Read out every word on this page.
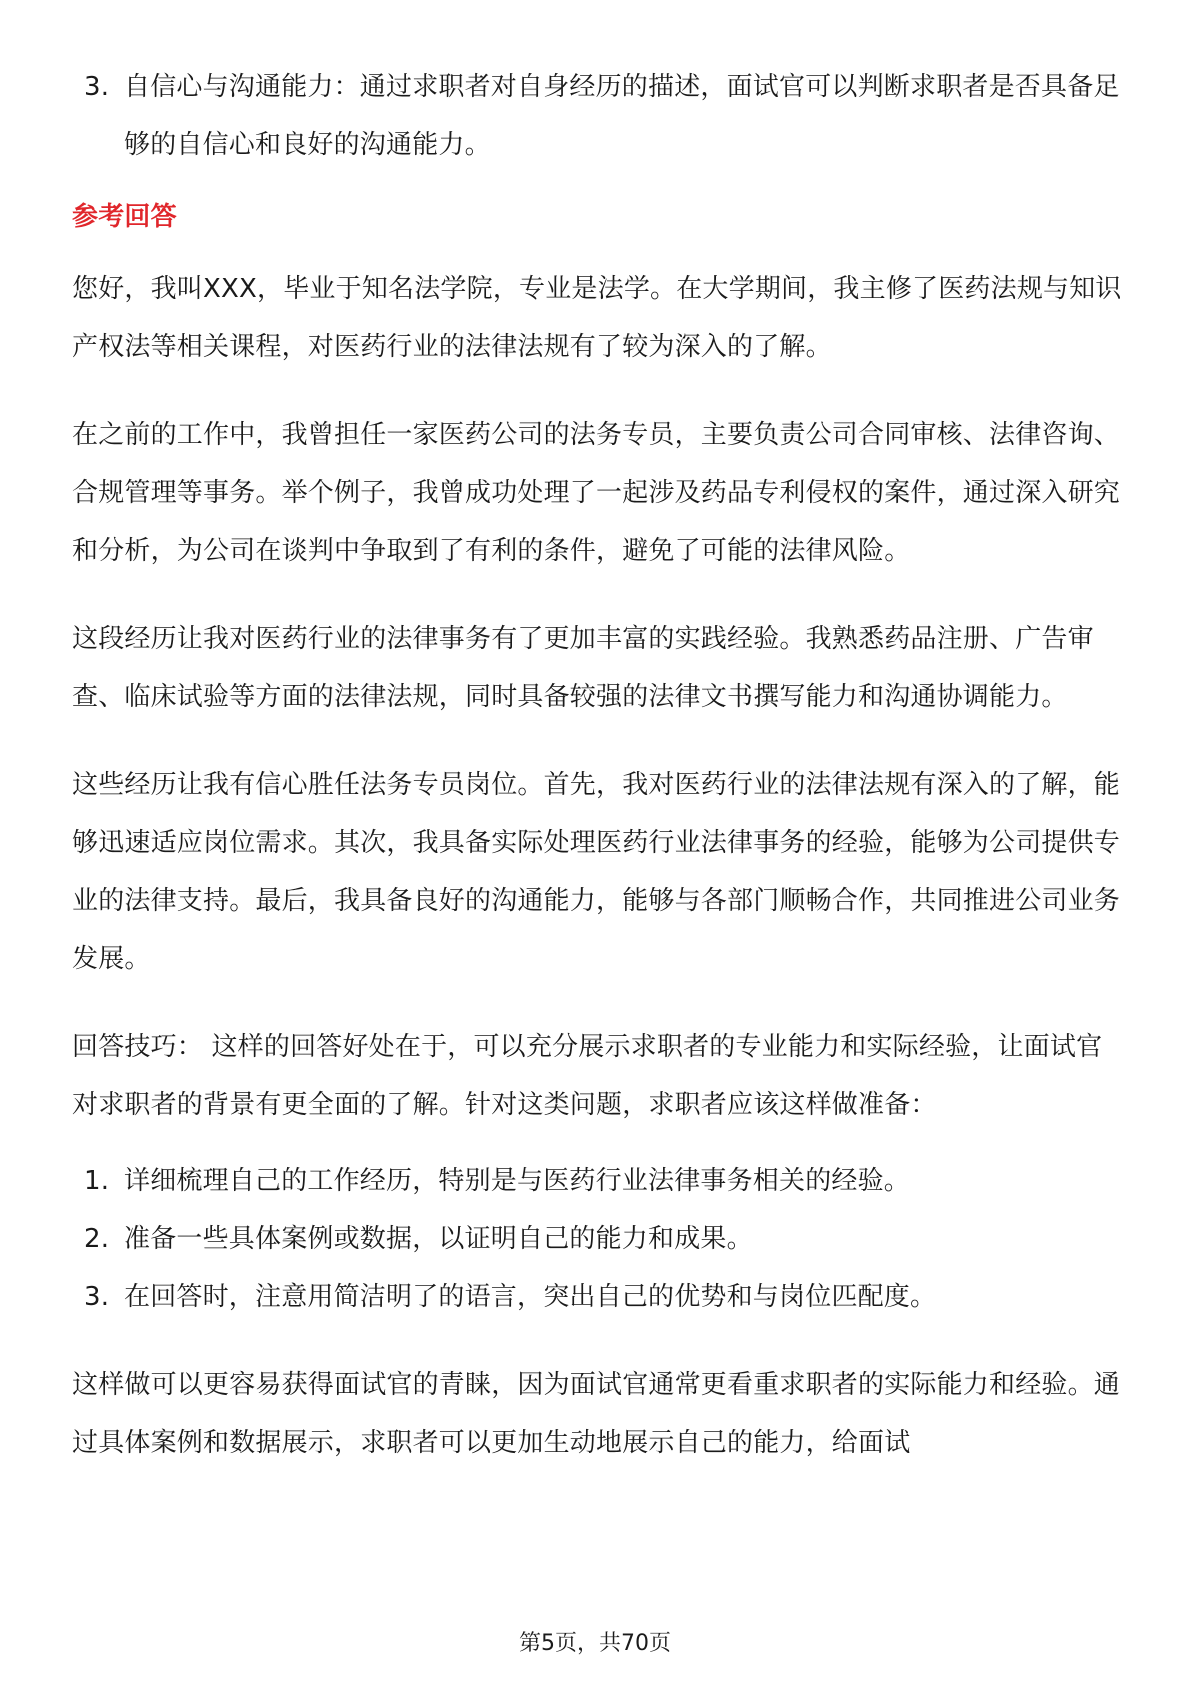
3. 自信心与沟通能力：通过求职者对自身经历的描述，面试官可以判断求职者是否具备足够的自信心和良好的沟通能力。
参考回答

您好，我叫XXX，毕业于知名法学院，专业是法学。在大学期间，我主修了医药法规与知识产权法等相关课程，对医药行业的法律法规有了较为深入的了解。

在之前的工作中，我曾担任一家医药公司的法务专员，主要负责公司合同审核、法律咨询、合规管理等事务。举个例子，我曾成功处理了一起涉及药品专利侵权的案件，通过深入研究和分析，为公司在谈判中争取到了有利的条件，避免了可能的法律风险。

这段经历让我对医药行业的法律事务有了更加丰富的实践经验。我熟悉药品注册、广告审查、临床试验等方面的法律法规，同时具备较强的法律文书撰写能力和沟通协调能力。

这些经历让我有信心胜任法务专员岗位。首先，我对医药行业的法律法规有深入的了解，能够迅速适应岗位需求。其次，我具备实际处理医药行业法律事务的经验，能够为公司提供专业的法律支持。最后，我具备良好的沟通能力，能够与各部门顺畅合作，共同推进公司业务发展。

回答技巧： 这样的回答好处在于，可以充分展示求职者的专业能力和实际经验，让面试官对求职者的背景有更全面的了解。针对这类问题，求职者应该这样做准备：

1. 详细梳理自己的工作经历，特别是与医药行业法律事务相关的经验。
2. 准备一些具体案例或数据，以证明自己的能力和成果。
3. 在回答时，注意用简洁明了的语言，突出自己的优势和与岗位匹配度。

这样做可以更容易获得面试官的青睐，因为面试官通常更看重求职者的实际能力和经验。通过具体案例和数据展示，求职者可以更加生动地展示自己的能力，给面试

第5页，共70页
